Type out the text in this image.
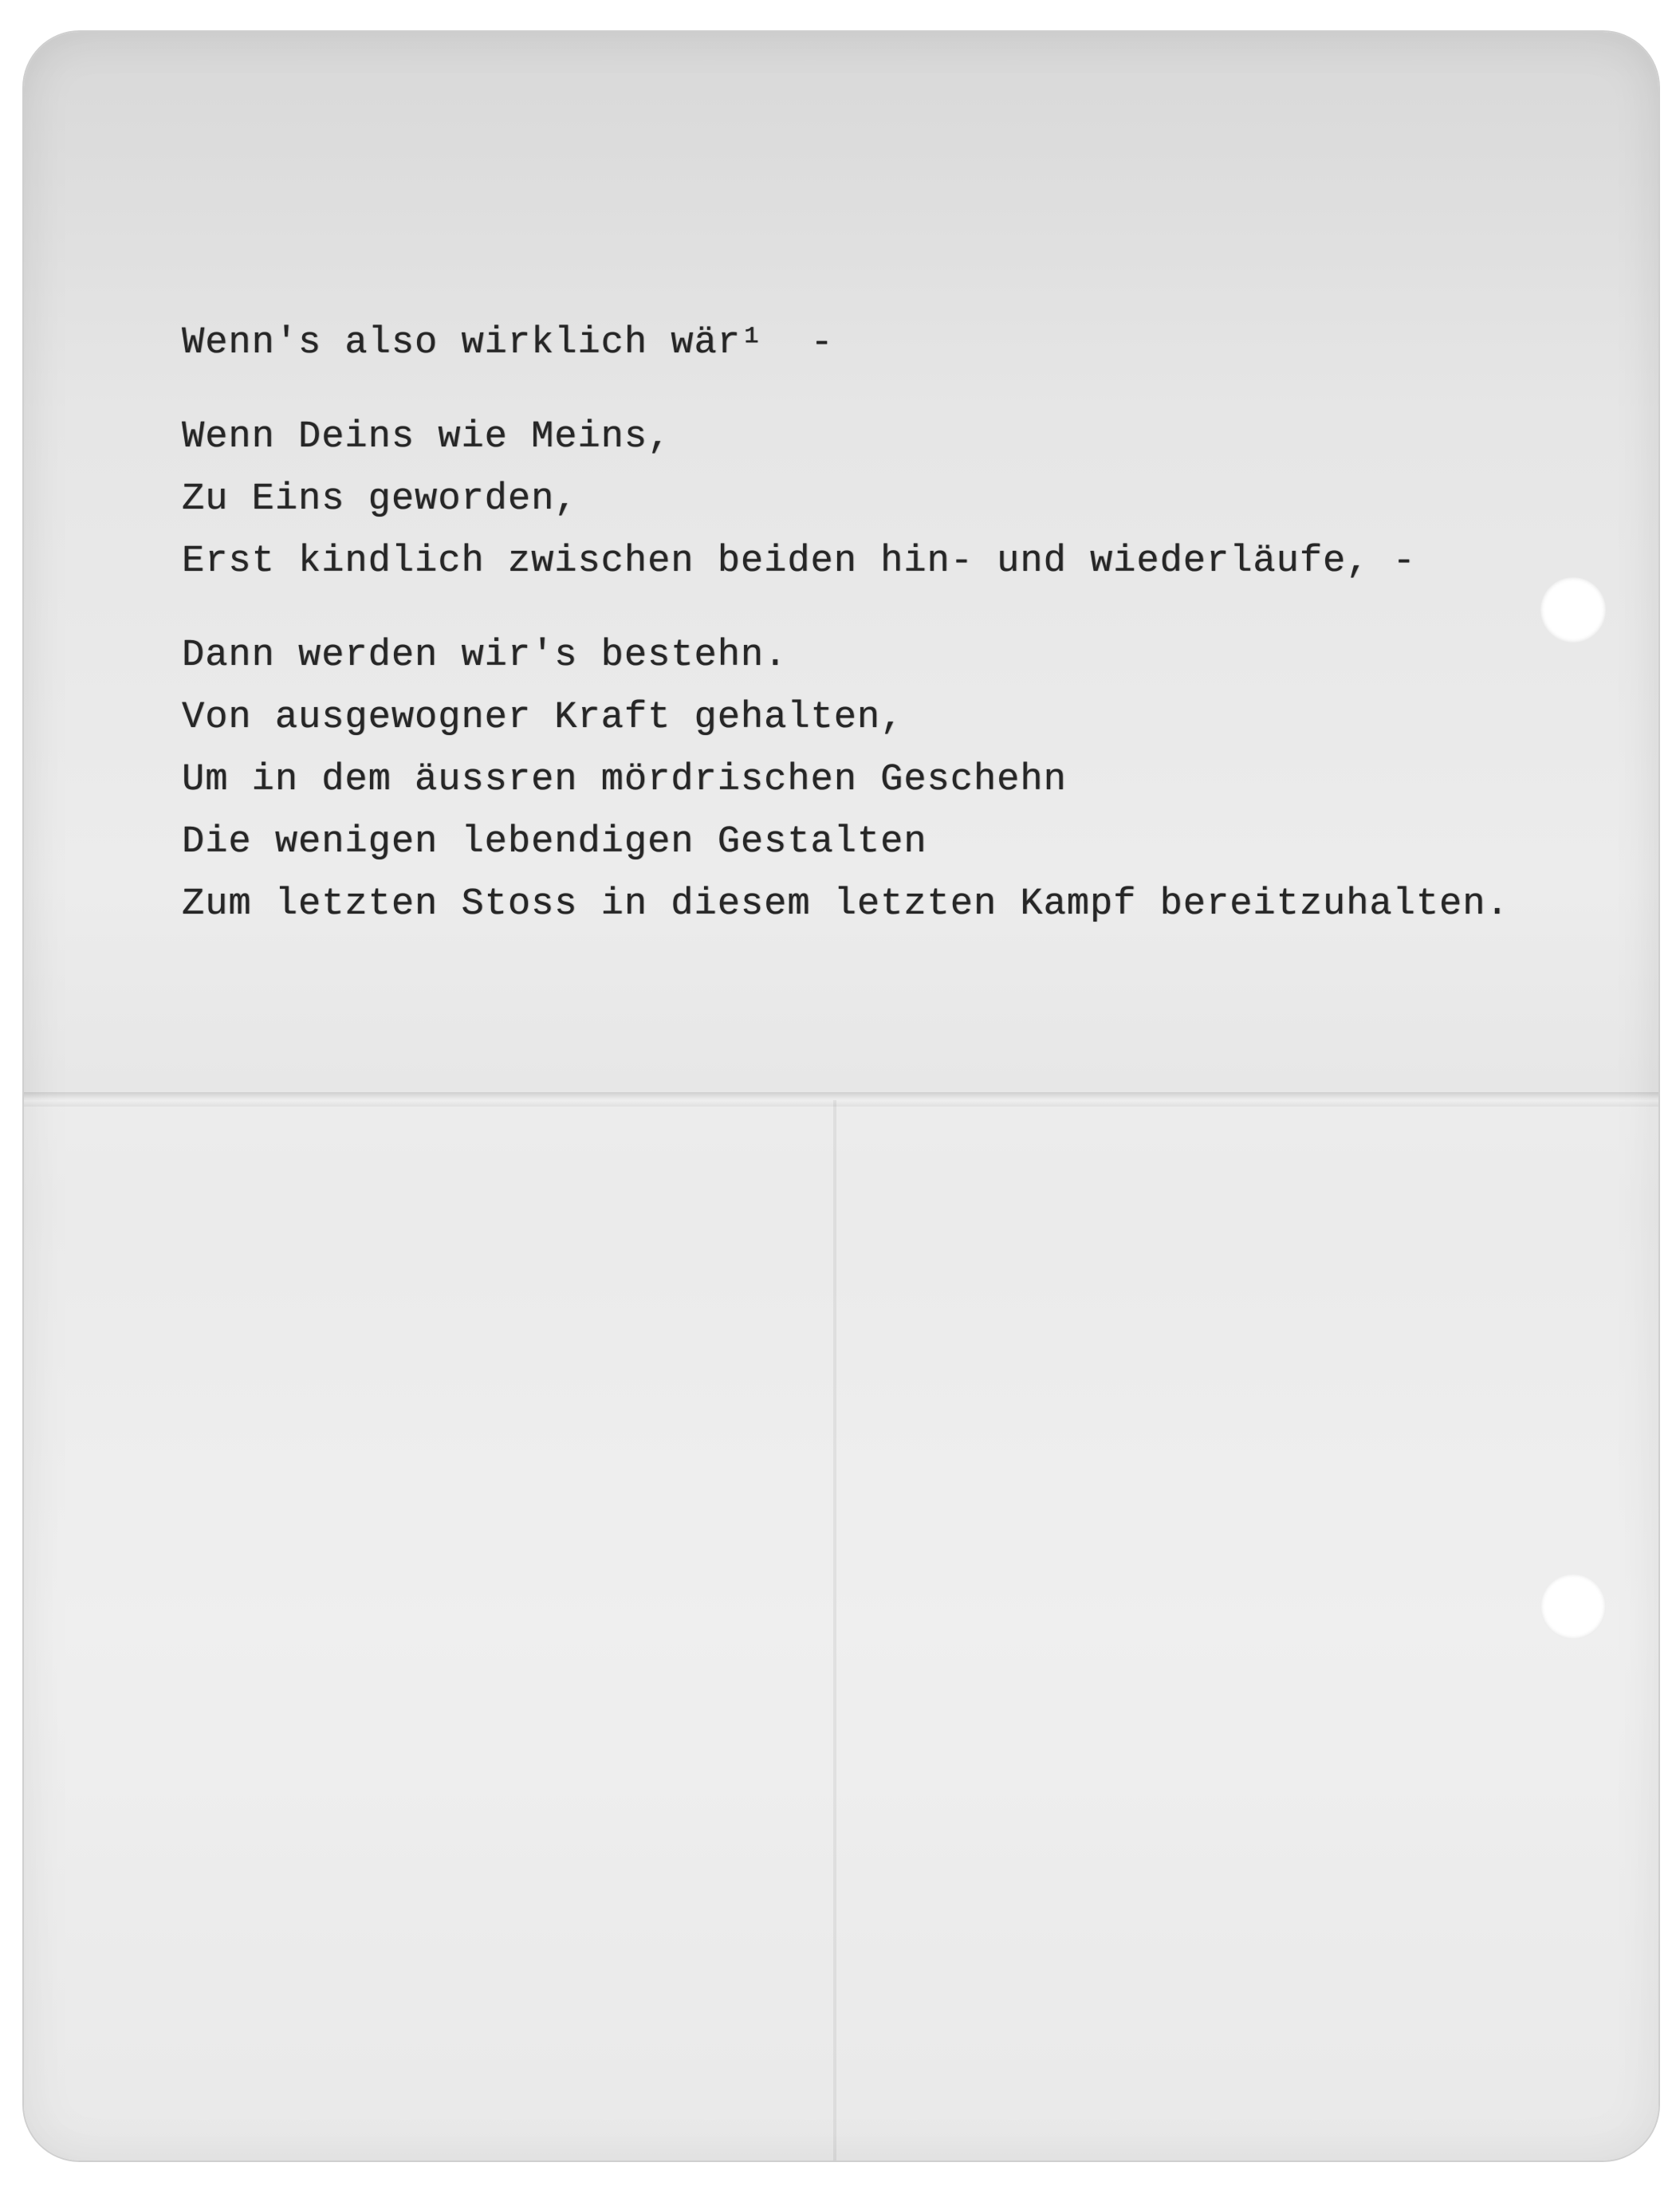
Wenn's also wirklich wär¹  -
Wenn Deins wie Meins,
Zu Eins geworden,
Erst kindlich zwischen beiden hin- und wiederläufe, -
Dann werden wir's bestehn.
Von ausgewogner Kraft gehalten,
Um in dem äussren mördrischen Geschehn
Die wenigen lebendigen Gestalten
Zum letzten Stoss in diesem letzten Kampf bereitzuhalten.
